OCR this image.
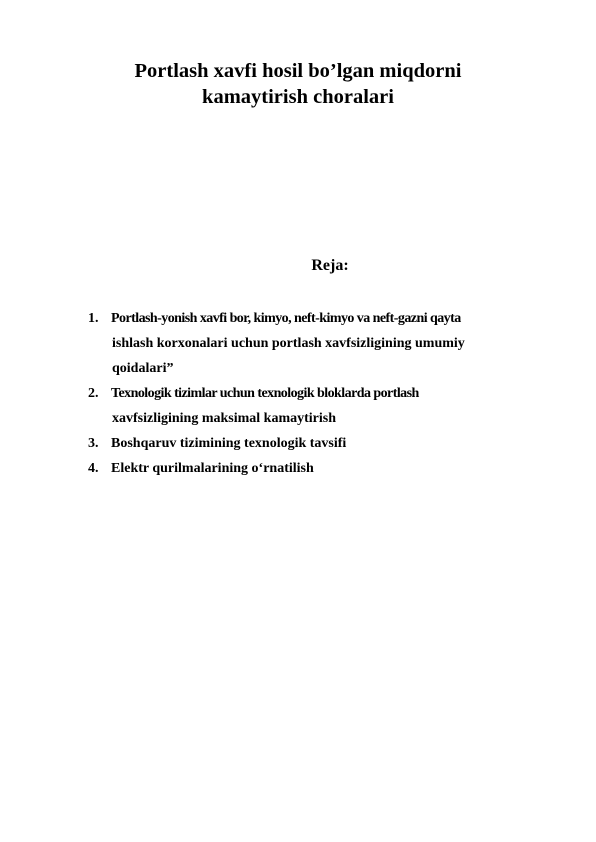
Portlash xavfi hosil bo’lgan miqdorni
kamaytirish choralari
Reja:
1. Portlash-yonish xavfi bor, kimyo, neft-kimyo va neft-gazni qayta
ishlash korxonalari uchun portlash xavfsizligining umumiy
qoidalari”
2. Texnologik tizimlar uchun texnologik bloklarda portlash
xavfsizligining maksimal kamaytirish
3. Boshqaruv tizimining texnologik tavsifi
4. Elektr qurilmalarining o‘rnatilish
